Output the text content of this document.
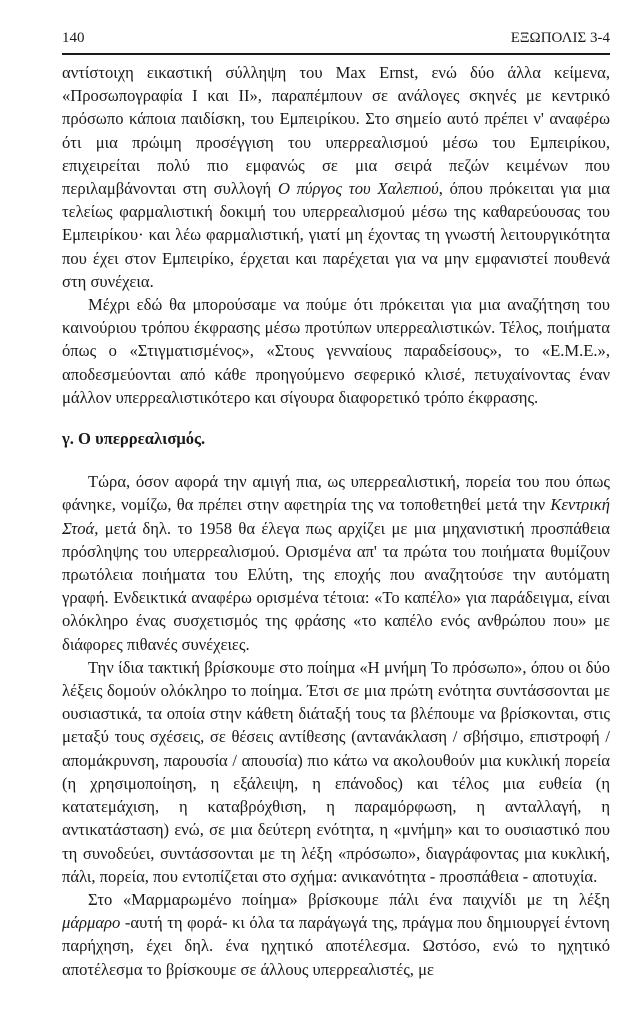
140	ΕΞΩΠΟΛΙΣ 3-4

αντίστοιχη εικαστική σύλληψη του Max Ernst, ενώ δύο άλλα κείμενα, «Προσωπογραφία I και II», παραπέμπουν σε ανάλογες σκηνές με κεντρικό πρόσωπο κάποια παιδίσκη, του Εμπειρίκου. Στο σημείο αυτό πρέπει ν' αναφέρω ότι μια πρώιμη προσέγγιση του υπερρεαλισμού μέσω του Εμπειρίκου, επιχειρείται πολύ πιο εμφανώς σε μια σειρά πεζών κειμένων που περιλαμβάνονται στη συλλογή Ο πύργος του Χαλεπιού, όπου πρόκειται για μια τελείως φαρμαλιστική δοκιμή του υπερρεαλισμού μέσω της καθαρεύουσας του Εμπειρίκου· και λέω φαρμαλιστική, γιατί μη έχοντας τη γνωστή λειτουργικότητα που έχει στον Εμπειρίκο, έρχεται και παρέχεται για να μην εμφανιστεί πουθενά στη συνέχεια.

Μέχρι εδώ θα μπορούσαμε να πούμε ότι πρόκειται για μια αναζήτηση του καινούριου τρόπου έκφρασης μέσω προτύπων υπερρεαλιστικών. Τέλος, ποιήματα όπως ο «Στιγματισμένος», «Στους γενναίους παραδείσους», το «Ε.Μ.Ε.», αποδεσμεύονται από κάθε προηγούμενο σεφερικό κλισέ, πετυχαίνοντας έναν μάλλον υπερρεαλιστικότερο και σίγουρα διαφορετικό τρόπο έκφρασης.

γ. Ο υπερρεαλισμός.

Τώρα, όσον αφορά την αμιγή πια, ως υπερρεαλιστική, πορεία του που όπως φάνηκε, νομίζω, θα πρέπει στην αφετηρία της να τοποθετηθεί μετά την Κεντρική Στοά, μετά δηλ. το 1958 θα έλεγα πως αρχίζει με μια μηχανιστική προσπάθεια πρόσληψης του υπερρεαλισμού. Ορισμένα απ' τα πρώτα του ποιήματα θυμίζουν πρωτόλεια ποιήματα του Ελύτη, της εποχής που αναζητούσε την αυτόματη γραφή. Ενδεικτικά αναφέρω ορισμένα τέτοια: «Το καπέλο» για παράδειγμα, είναι ολόκληρο ένας συσχετισμός της φράσης «το καπέλο ενός ανθρώπου που» με διάφορες πιθανές συνέχειες.

Την ίδια τακτική βρίσκουμε στο ποίημα «Η μνήμη Το πρόσωπο», όπου οι δύο λέξεις δομούν ολόκληρο το ποίημα. Έτσι σε μια πρώτη ενότητα συντάσσονται με ουσιαστικά, τα οποία στην κάθετη διάταξή τους τα βλέπουμε να βρίσκονται, στις μεταξύ τους σχέσεις, σε θέσεις αντίθεσης (αντανάκλαση / σβήσιμο, επιστροφή / απομάκρυνση, παρουσία / απουσία) πιο κάτω να ακολουθούν μια κυκλική πορεία (η χρησιμοποίηση, η εξάλειψη, η επάνοδος) και τέλος μια ευθεία (η κατατεμάχιση, η καταβρόχθιση, η παραμόρφωση, η ανταλλαγή, η αντικατάσταση) ενώ, σε μια δεύτερη ενότητα, η «μνήμη» και το ουσιαστικό που τη συνοδεύει, συντάσσονται με τη λέξη «πρόσωπο», διαγράφοντας μια κυκλική, πάλι, πορεία, που εντοπίζεται στο σχήμα: ανικανότητα - προσπάθεια - αποτυχία.

Στο «Μαρμαρωμένο ποίημα» βρίσκουμε πάλι ένα παιχνίδι με τη λέξη μάρμαρο -αυτή τη φορά- κι όλα τα παράγωγά της, πράγμα που δημιουργεί έντονη παρήχηση, έχει δηλ. ένα ηχητικό αποτέλεσμα. Ωστόσο, ενώ το ηχητικό αποτέλεσμα το βρίσκουμε σε άλλους υπερρεαλιστές, με
